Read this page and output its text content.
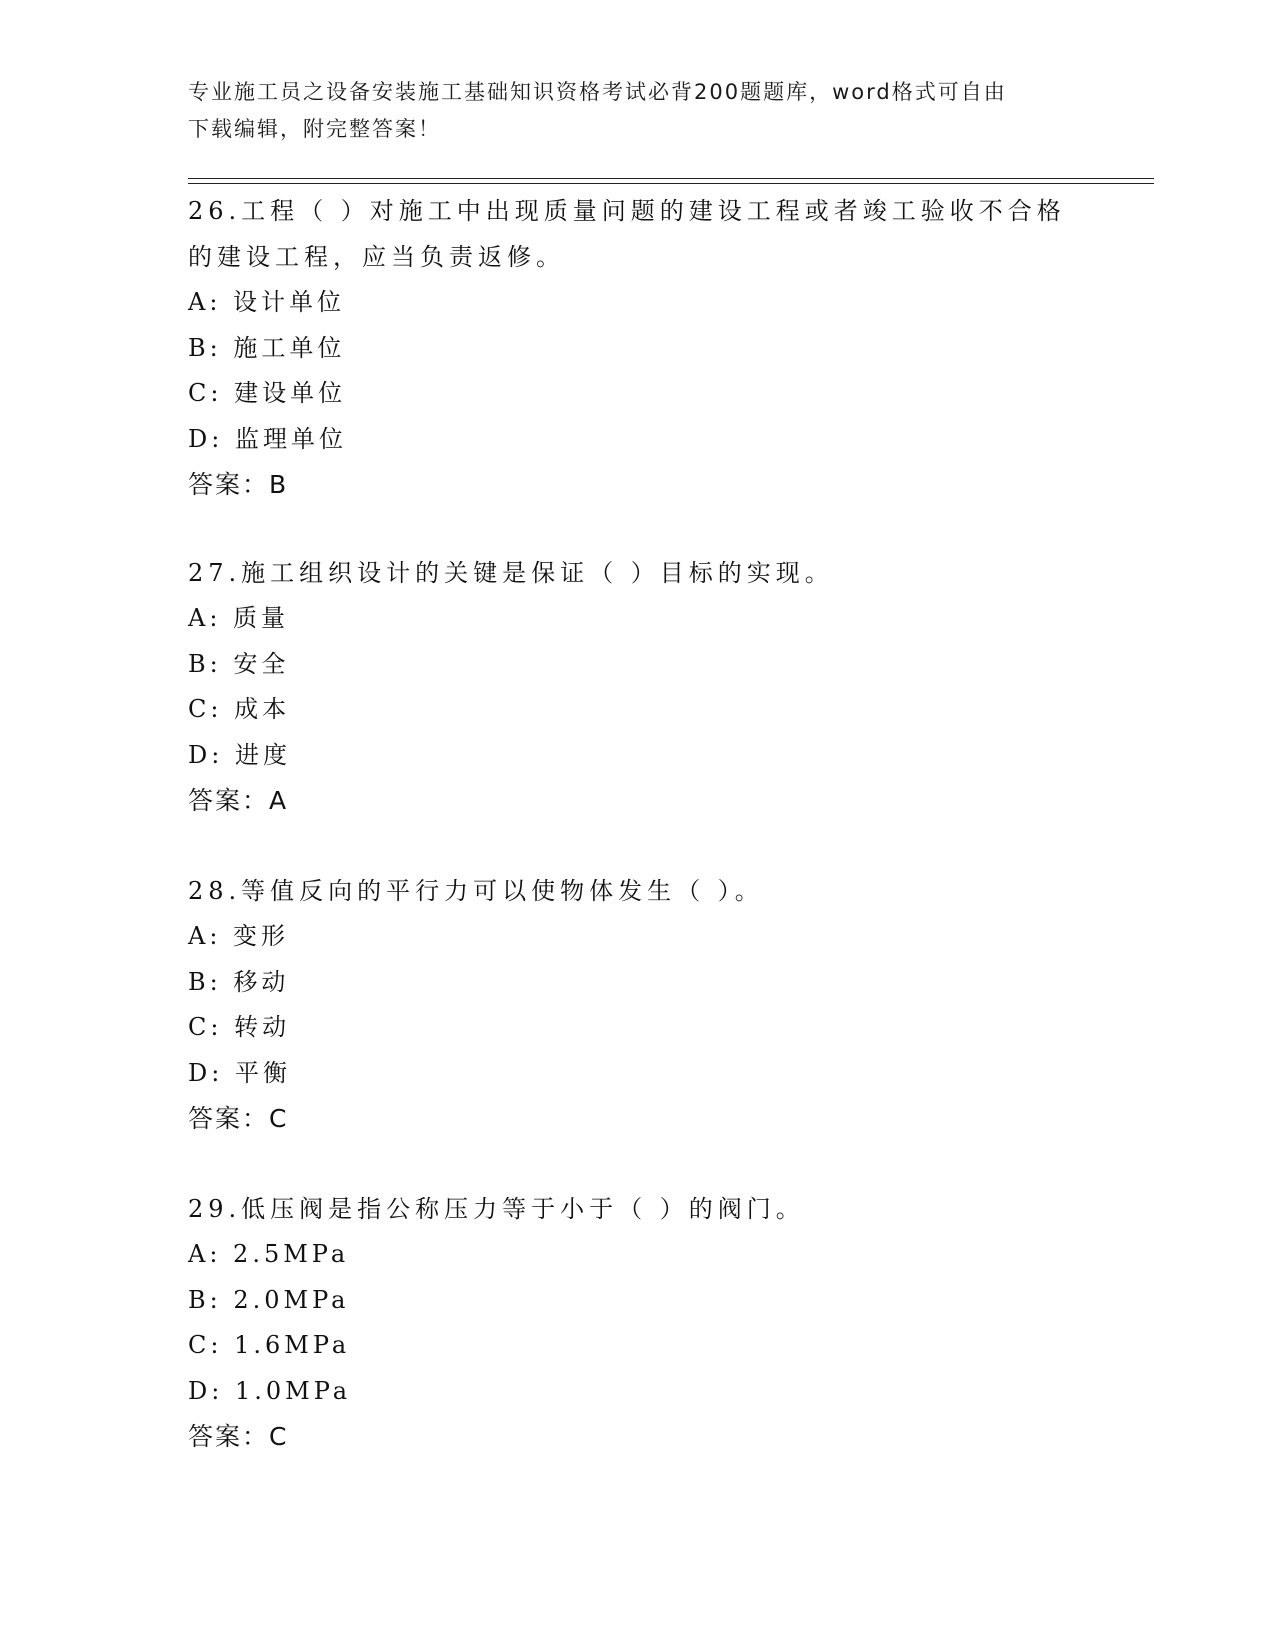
专业施工员之设备安装施工基础知识资格考试必背200题题库，word格式可自由
下载编辑，附完整答案！

26.工程（ ）对施工中出现质量问题的建设工程或者竣工验收不合格

的建设工程，应当负责返修。

A: 设计单位

B: 施工单位

C: 建设单位

D: 监理单位

答案：B

27.施工组织设计的关键是保证（ ）目标的实现。

A: 质量

B: 安全

C: 成本

D: 进度

答案：A

28.等值反向的平行力可以使物体发生（ ）。

A: 变形

B: 移动

C: 转动

D: 平衡

答案：C

29.低压阀是指公称压力等于小于（ ）的阀门。

A: 2.5MPa

B: 2.0MPa

C: 1.6MPa

D: 1.0MPa

答案：C
